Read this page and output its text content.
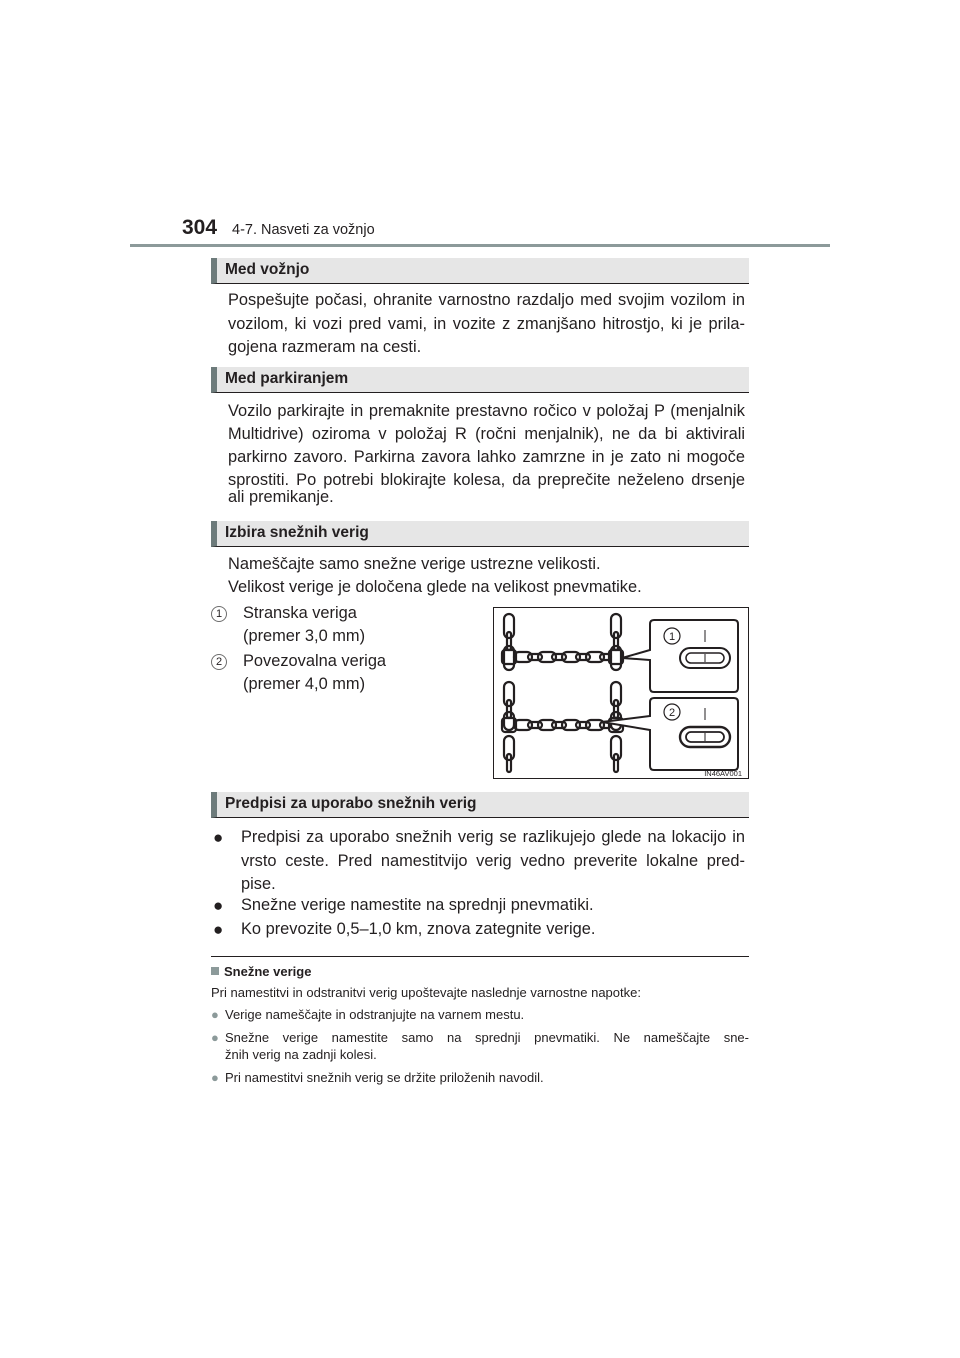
304 4-7. Nasveti za vožnjo
Med vožnjo
Pospešujte počasi, ohranite varnostno razdaljo med svojim vozilom in
vozilom, ki vozi pred vami, in vozite z zmanjšano hitrostjo, ki je prila-
gojena razmeram na cesti.
Med parkiranjem
Vozilo parkirajte in premaknite prestavno ročico v položaj P (menjalnik
Multidrive) oziroma v položaj R (ročni menjalnik), ne da bi aktivirali
parkirno zavoro. Parkirna zavora lahko zamrzne in je zato ni mogoče
sprostiti. Po potrebi blokirajte kolesa, da preprečite neželeno drsenje
ali premikanje.
Izbira snežnih verig
Nameščajte samo snežne verige ustrezne velikosti.
Velikost verige je določena glede na velikost pnevmatike.
1	Stranska veriga
(premer 3,0 mm)
2	Povezovalna veriga
(premer 4,0 mm)
1
2
IN46AV001
Predpisi za uporabo snežnih verig
● Predpisi za uporabo snežnih verig se razlikujejo glede na lokacijo in
vrsto ceste. Pred namestitvijo verig vedno preverite lokalne pred-
pise.
● Snežne verige namestite na sprednji pnevmatiki.
● Ko prevozite 0,5–1,0 km, znova zategnite verige.
Snežne verige
Pri namestitvi in odstranitvi verig upoštevajte naslednje varnostne napotke:
● Verige nameščajte in odstranjujte na varnem mestu.
● Snežne verige namestite samo na sprednji pnevmatiki. Ne nameščajte sne-
žnih verig na zadnji kolesi.
● Pri namestitvi snežnih verig se držite priloženih navodil.
